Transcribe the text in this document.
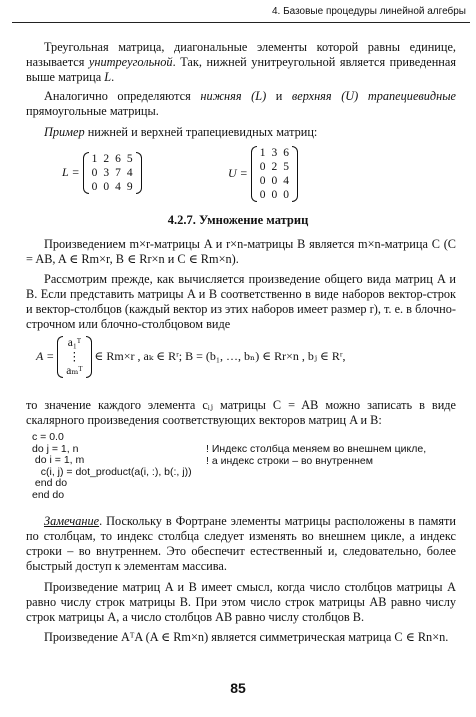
4. Базовые процедуры линейной алгебры
Треугольная матрица, диагональные элементы которой равны единице, называется унитреугольной. Так, нижней унитреугольной является приведенная выше матрица L.
Аналогично определяются нижняя (L) и верхняя (U) трапециевидные прямоугольные матрицы.
Пример нижней и верхней трапециевидных матриц:
L =
1	2	6	5
0	3	7	4
0	0	4	9
U =
1	3	6
0	2	5
0	0	4
0	0	0
4.2.7. Умножение матриц
Произведением m×r-матрицы A и r×n-матрицы B является m×n-матрица C (C = AB, A ∈ Rm×r, B ∈ Rr×n и C ∈ Rm×n).
Рассмотрим прежде, как вычисляется произведение общего вида матриц A и B. Если представить матрицы A и B соответственно в виде наборов вектор-строк и вектор-столбцов (каждый вектор из этих наборов имеет размер r), т. е. в блочно-строчном или блочно-столбцовом виде
A =
a₁ᵀ
⋮
aₘᵀ
∈ Rm×r , aₖ ∈ Rʳ; B = (b₁, …, bₙ) ∈ Rr×n , bⱼ ∈ Rʳ,
то значение каждого элемента cᵢⱼ матрицы C = AB можно записать в виде скалярного произведения соответствующих векторов матриц A и B:
c = 0.0
do j = 1, n
do i = 1, m
c(i, j) = dot_product(a(i, :), b(:, j))
end do
end do
! Индекс столбца меняем во внешнем цикле,
! а индекс строки – во внутреннем
Замечание. Поскольку в Фортране элементы матрицы расположены в памяти по столбцам, то индекс столбца следует изменять во внешнем цикле, а индекс строки – во внутреннем. Это обеспечит естественный и, следовательно, более быстрый доступ к элементам массива.
Произведение матриц A и B имеет смысл, когда число столбцов матрицы A равно числу строк матрицы B. При этом число строк матрицы AB равно числу строк матрицы A, а число столбцов AB равно числу столбцов B.
Произведение AᵀA (A ∈ Rm×n) является симметрическая матрица C ∈ Rn×n.
85
